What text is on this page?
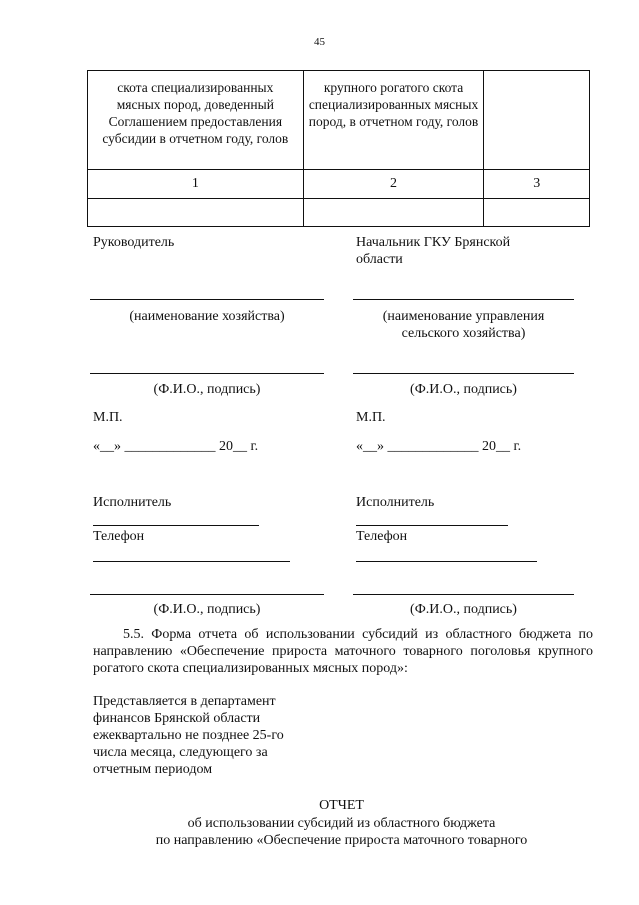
45
скота специализированных мясных пород, доведенный Соглашением предоставления субсидии в отчетном году, голов	крупного рогатого скота специализированных мясных пород, в отчетном году, голов	
1	2	3

Руководитель
(наименование хозяйства)
(Ф.И.О., подпись)
М.П.
«__» _____________ 20__ г.
Исполнитель
Телефон
(Ф.И.О., подпись)
Начальник ГКУ Брянской
области
(наименование управления
сельского хозяйства)
(Ф.И.О., подпись)
М.П.
«__» _____________ 20__ г.
Исполнитель
Телефон
(Ф.И.О., подпись)
5.5. Форма отчета об использовании субсидий из областного бюджета по направлению «Обеспечение прироста маточного товарного поголовья крупного рогатого скота специализированных мясных пород»:
Представляется в департамент
финансов Брянской области
ежеквартально не позднее 25-го
числа месяца, следующего за
отчетным периодом
ОТЧЕТ
об использовании субсидий из областного бюджета
по направлению «Обеспечение прироста маточного товарного
